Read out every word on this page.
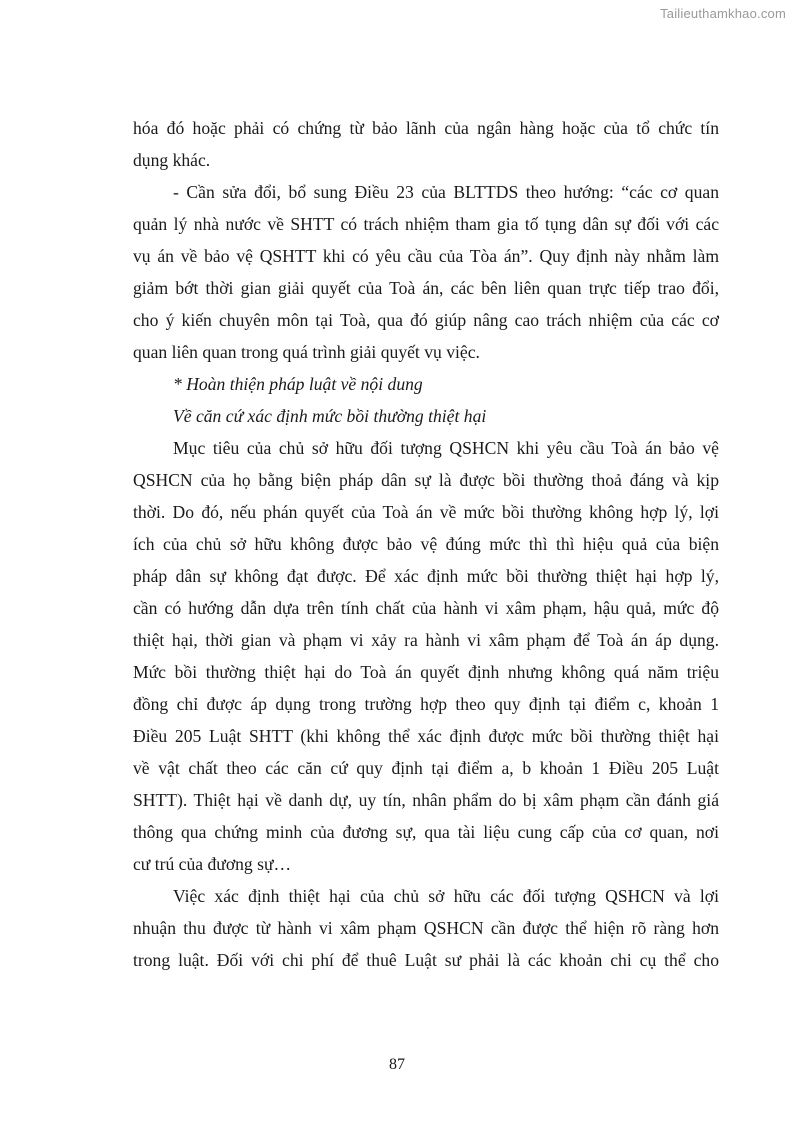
Tailieuthamkhao.com
hóa đó hoặc phải có chứng từ bảo lãnh của ngân hàng hoặc của tổ chức tín
dụng khác.
- Cần sửa đổi, bổ sung Điều 23 của BLTTDS theo hướng: “các cơ quan
quản lý nhà nước về SHTT có trách nhiệm tham gia tố tụng dân sự đối với các
vụ án về bảo vệ QSHTT khi có yêu cầu của Tòa án”. Quy định này nhằm làm
giảm bớt thời gian giải quyết của Toà án, các bên liên quan trực tiếp trao đổi,
cho ý kiến chuyên môn tại Toà, qua đó giúp nâng cao trách nhiệm của các cơ
quan liên quan trong quá trình giải quyết vụ việc.
* Hoàn thiện pháp luật về nội dung
Về căn cứ xác định mức bồi thường thiệt hại
Mục tiêu của chủ sở hữu đối tượng QSHCN khi yêu cầu Toà án bảo vệ
QSHCN của họ bằng biện pháp dân sự là được bồi thường thoả đáng và kịp
thời. Do đó, nếu phán quyết của Toà án về mức bồi thường không hợp lý, lợi
ích của chủ sở hữu không được bảo vệ đúng mức thì thì hiệu quả của biện
pháp dân sự không đạt được. Để xác định mức bồi thường thiệt hại hợp lý,
cần có hướng dẫn dựa trên tính chất của hành vi xâm phạm, hậu quả, mức độ
thiệt hại, thời gian và phạm vi xảy ra hành vi xâm phạm để Toà án áp dụng.
Mức bồi thường thiệt hại do Toà án quyết định nhưng không quá năm triệu
đồng chỉ được áp dụng trong trường hợp theo quy định tại điểm c, khoản 1
Điều 205 Luật SHTT (khi không thể xác định được mức bồi thường thiệt hại
về vật chất theo các căn cứ quy định tại điểm a, b khoản 1 Điều 205 Luật
SHTT). Thiệt hại về danh dự, uy tín, nhân phẩm do bị xâm phạm cần đánh giá
thông qua chứng minh của đương sự, qua tài liệu cung cấp của cơ quan, nơi
cư trú của đương sự…
Việc xác định thiệt hại của chủ sở hữu các đối tượng QSHCN và lợi
nhuận thu được từ hành vi xâm phạm QSHCN cần được thể hiện rõ ràng hơn
trong luật. Đối với chi phí để thuê Luật sư phải là các khoản chi cụ thể cho
87
